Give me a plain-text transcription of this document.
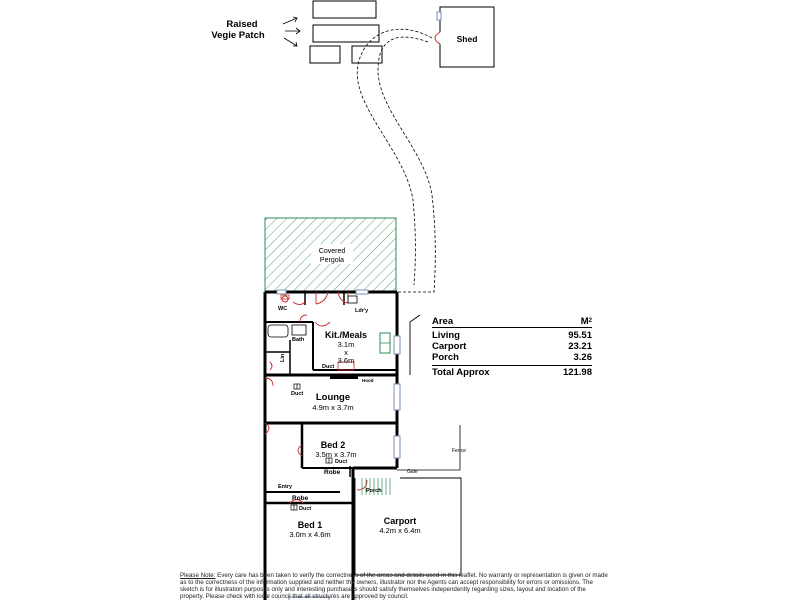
Raised
Vegie Patch	Shed
Covered
Pergola
WC	Ldr'y
Bath
Lin
Kit./Meals
3.1m
x
3.6m
Duct
Hood
Duct Lounge
4.9m x 3.7m
Bed 2
3.5m x 3.7m
Duct
Robe
Entry
Porch
Robe
Duct
Bed 1
3.0m x 4.6m
Carport
4.2m x 6.4m
Gate
Fence
Area	$M^2$
Living	95.51
Carport	23.21
Porch	3.26
Total Approx	121.98
Please Note: Every care has been taken to verify the correctness of the areas and details used in this leaflet. No warranty or representation is given or made as to the correctness of the information supplied and neither the owners, illustrator nor the Agents can accept responsibility for errors or omissions. The sketch is for illustration purposes only and interesting purchasers should satisfy themselves independently regarding sizes, layout and location of the property. Please check with local council that all structures are approved by council.
